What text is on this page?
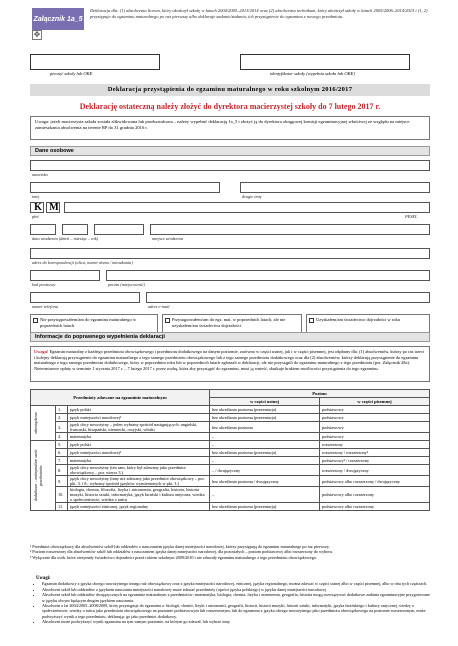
Załącznik 1a_5
✥
Deklaracja dla: (1) absolwenta liceum, który ukończył szkołę w latach 2004/2005–2013/2014 oraz (2) absolwenta technikum, który ukończył szkołę w latach 2005/2006–2014/2015 i (1, 2) przystępuje do egzaminu maturalnego po raz pierwszy albo deklaruje zadanie/zadania, ich przystąpienie do egzaminu z nowego przedmiotu.
pieczęć szkoły lub OKE	identyfikator szkoły (wypełnia szkoła lub OKE)
Deklaracja przystąpienia do egzaminu maturalnego w roku szkolnym 2016/2017
Deklarację ostateczną należy złożyć do dyrektora macierzystej szkoły do 7 lutego 2017 r.
Uwaga: jeżeli macierzysta szkoła została zlikwidowana lub przekształcona – należy wypełnić deklarację 1a_5 i złożyć ją do dyrektora okręgowej komisji egzaminacyjnej właściwej ze względu na miejsce zamieszkania absolwenta na terenie RP do 31 grudnia 2016 r.
Dane osobowe
nazwisko
imię	drugie imię
K M
płeć	PESEL
data urodzenia (dzień – miesiąc – rok)	miejsce urodzenia
adres do korespondencji (ulica, numer domu / mieszkania)
kod pocztowy	poczta (miejscowość)
numer telefonu	adres e-mail
Nie przystępowałem/am do egzaminu maturalnego w poprzednich latach.
Przystępowałem/am do egz. mat. w poprzednich latach, ale nie uzyskałem/am świadectwa dojrzałości.
Uzyskałem/am świadectwo dojrzałości w roku
Informacje do poprawnego wypełnienia deklaracji
Uwaga! Egzamin maturalny z każdego przedmiotu obowiązkowego i przedmiotu dodatkowego na danym poziomie, zarówno w części ustnej, jak i w części pisemnej, jest odpłatny dla: (1) absolwentów, którzy po raz trzeci i kolejny deklarują przystąpienie do egzaminu maturalnego z tego samego przedmiotu obowiązkowego lub z tego samego przedmiotu dodatkowego oraz dla (2) absolwentów, którzy deklarują przystąpienie do egzaminu maturalnego z tego samego przedmiotu dodatkowego, który w poprzednim roku lub w poprzednich latach zgłaszali w deklaracji, ale nie przystąpili do egzaminu maturalnego z tego przedmiotu (por. Załącznik 28a). Nieterminowe opłaty w terminie 1 stycznia 2017 r. – 7 lutego 2017 r. przez osobę, która aby przystąpić do egzaminu, musi ją wnieść, skutkuje brakiem możliwości przystąpienia do tego egzaminu.
Przedmioty zdawane na egzaminie maturalnym			Poziom	
			w części ustnej	w części pisemnej

obowiązkowe	1.	język polski	bez określania poziomu (prezentacja)	podstawowy
	2.	język mniejszości narodowej¹	bez określania poziomu (prezentacja)	podstawowy
	3.	język obcy nowożytny – jeden wybrany spośród następujących: angielski, francuski, hiszpański, niemiecki, rosyjski, włoski	bez określania poziomu	podstawowy
	4.	matematyka	–	podstawowy

dodatkowe – maksymalnie sześć przedmiotów	5.	język polski	–	rozszerzony
	6.	język mniejszości narodowej¹	bez określania poziomu (prezentacja)	rozszerzony / rozszerzony²
	7.	matematyka	–	podstawowy² / rozszerzony
	8.	język obcy nowożytny (ten sam, który był zdawany jako przedmiot obowiązkowy – por. wiersz 3.)	– / dwujęzyczny	rozszerzony / dwujęzyczny
	9.	język obcy nowożytny (inny niż zdawany jako przedmiot obowiązkowy – por. pkt. 3. i 8.; wybrany spośród języków wymienionych w pkt. 3.)	bez określania poziomu / dwujęzyczny	podstawowy albo rozszerzony / dwujęzyczny
	10.	biologia, chemia, filozofia, fizyka i astronomia, geografia, historia, historia muzyki, historia sztuki, informatyka, język łaciński i kultura antyczna, wiedza o społeczeństwie, wiedza o tańcu	–	podstawowy albo rozszerzony
	11.	język mniejszości etnicznej, język regionalny	bez określania poziomu (prezentacja)	podstawowy albo rozszerzony
¹ Przedmiot obowiązkowy dla absolwentów szkół lub oddziałów z nauczaniem języka danej mniejszości narodowej, którzy przystępują do egzaminu maturalnego po raz pierwszy.
² Poziom rozszerzony dla absolwentów szkół lub oddziałów z nauczaniem języka danej mniejszości narodowej, dla pozostałych – poziom podstawowy albo rozszerzony do wyboru.
³ Wyłącznie dla osób, które otrzymały świadectwo dojrzałości przed rokiem szkolnym 2009/2010 i nie zdawały egzaminu maturalnego z tego przedmiotu obowiązkowego.
Uwagi:
• Egzamin dodatkowy z języka obcego nowożytnego innego niż obowiązkowy oraz z języka mniejszości narodowej, etnicznej, języka regionalnego, można zdawać w części ustnej albo w części pisemnej, albo w obu tych częściach.
• Absolwent szkół lub oddziałów z językiem nauczania mniejszości narodowej może zdawać przedmioty (oprócz języka polskiego) w języku danej mniejszości narodowej.
• Absolwent szkół lub oddziałów dwujęzycznych na egzaminie maturalnym z przedmiotów: matematyka, biologia, chemia, fizyka i astronomia, geografia, historia mogą rozwiązywać dodatkowe zadania egzaminacyjne przygotowane w języku obcym będącym drugim językiem nauczania.
• Absolwent z lat 2004/2005–2008/2009, który przystępuje do egzaminu z: biologii, chemii, fizyki i astronomii, geografii, historii, historii muzyki, historii sztuki, informatyki, języka łacińskiego i kultury antycznej, wiedzy o społeczeństwie, wiedzy o tańcu jako przedmiotu obowiązkowego na poziomie podstawowym lub rozszerzonym, lub do egzaminu z języka obcego nowożytnego jako przedmiotu obowiązkowego na poziomie rozszerzonym, może podwyższyć wynik z tego przedmiotu, deklarując go jako przedmiot dodatkowy.
• Absolwent może podwyższyć wynik egzaminu na tym samym poziomie, na którym go zdawał, lub wybrać inny.
